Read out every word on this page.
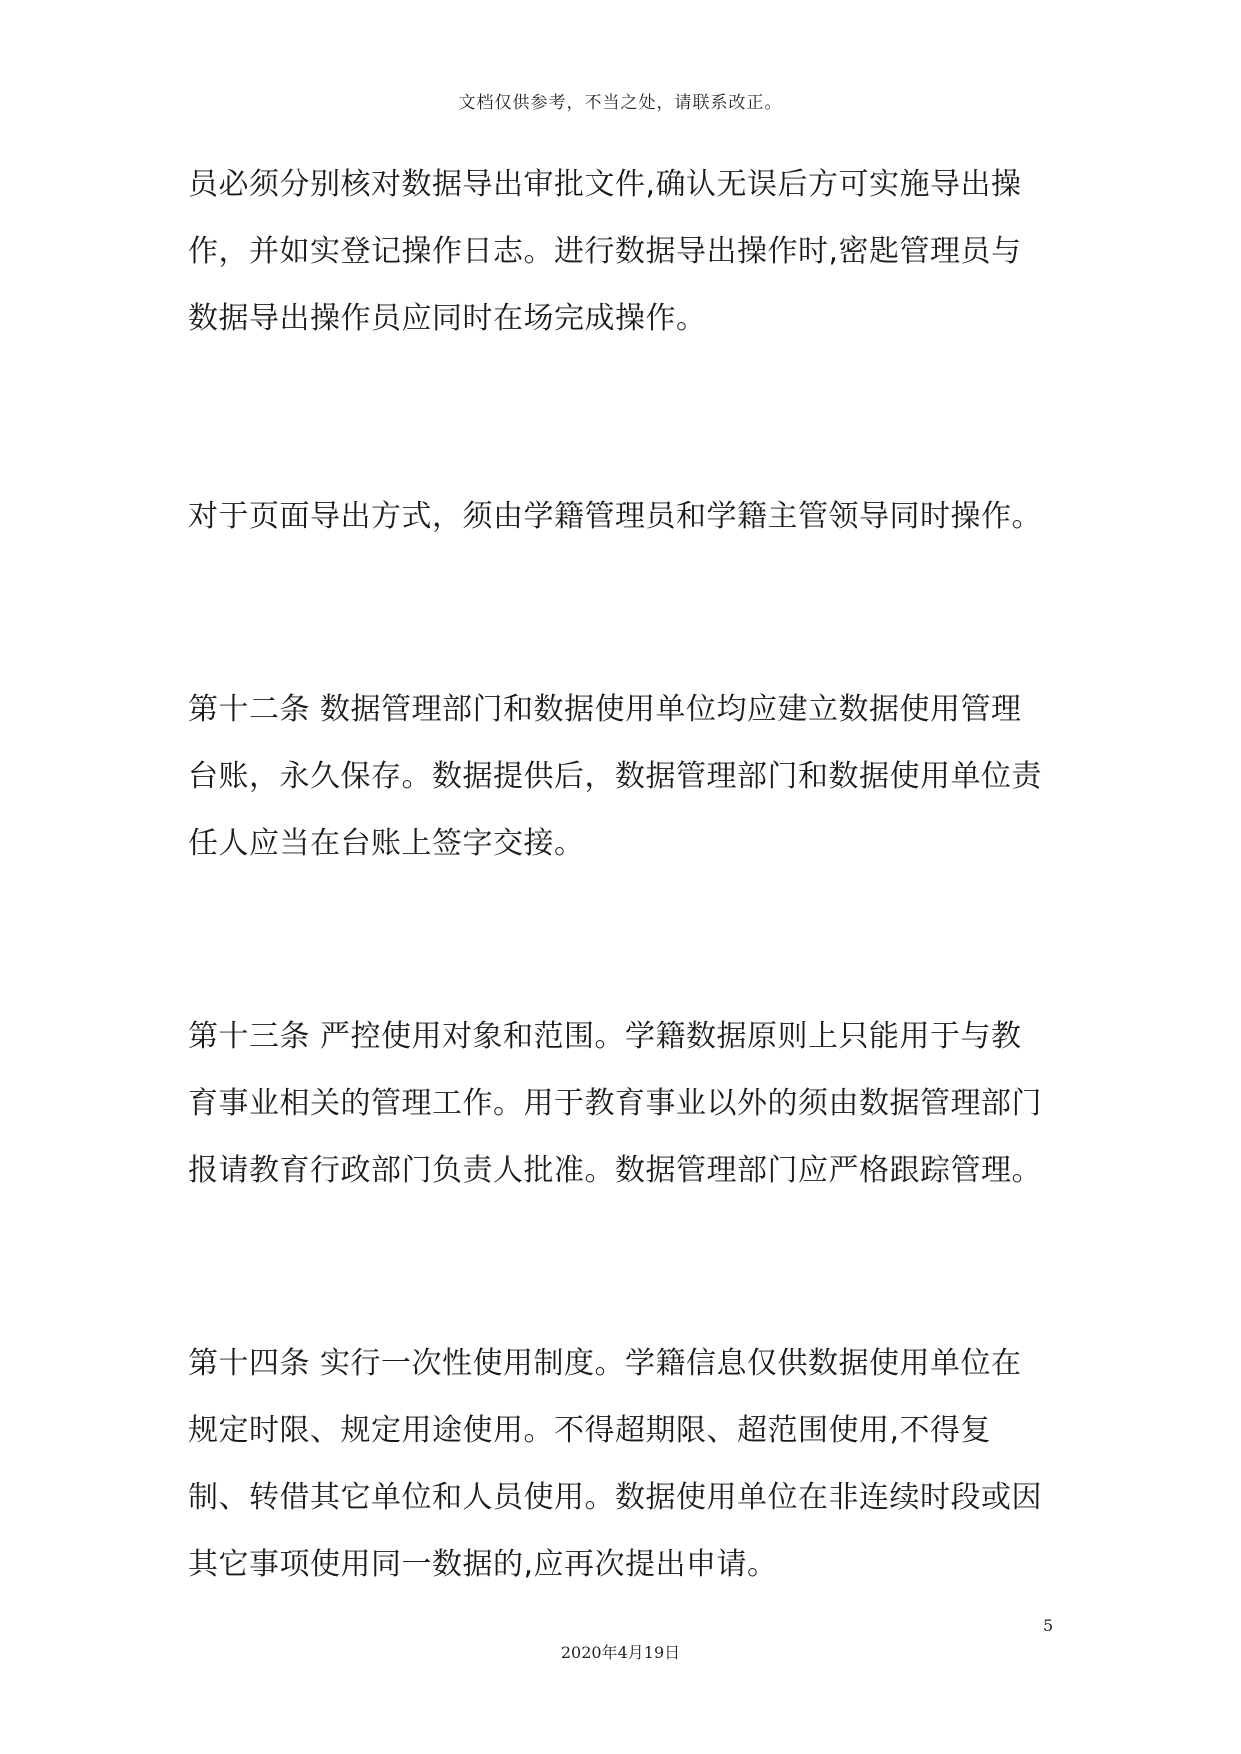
文档仅供参考，不当之处，请联系改正。
员必须分别核对数据导出审批文件,确认无误后方可实施导出操作，并如实登记操作日志。进行数据导出操作时,密匙管理员与数据导出操作员应同时在场完成操作。
对于页面导出方式，须由学籍管理员和学籍主管领导同时操作。
第十二条 数据管理部门和数据使用单位均应建立数据使用管理台账，永久保存。数据提供后，数据管理部门和数据使用单位责任人应当在台账上签字交接。
第十三条 严控使用对象和范围。学籍数据原则上只能用于与教育事业相关的管理工作。用于教育事业以外的须由数据管理部门报请教育行政部门负责人批准。数据管理部门应严格跟踪管理。
第十四条 实行一次性使用制度。学籍信息仅供数据使用单位在规定时限、规定用途使用。不得超期限、超范围使用,不得复制、转借其它单位和人员使用。数据使用单位在非连续时段或因其它事项使用同一数据的,应再次提出申请。
5
2020年4月19日
